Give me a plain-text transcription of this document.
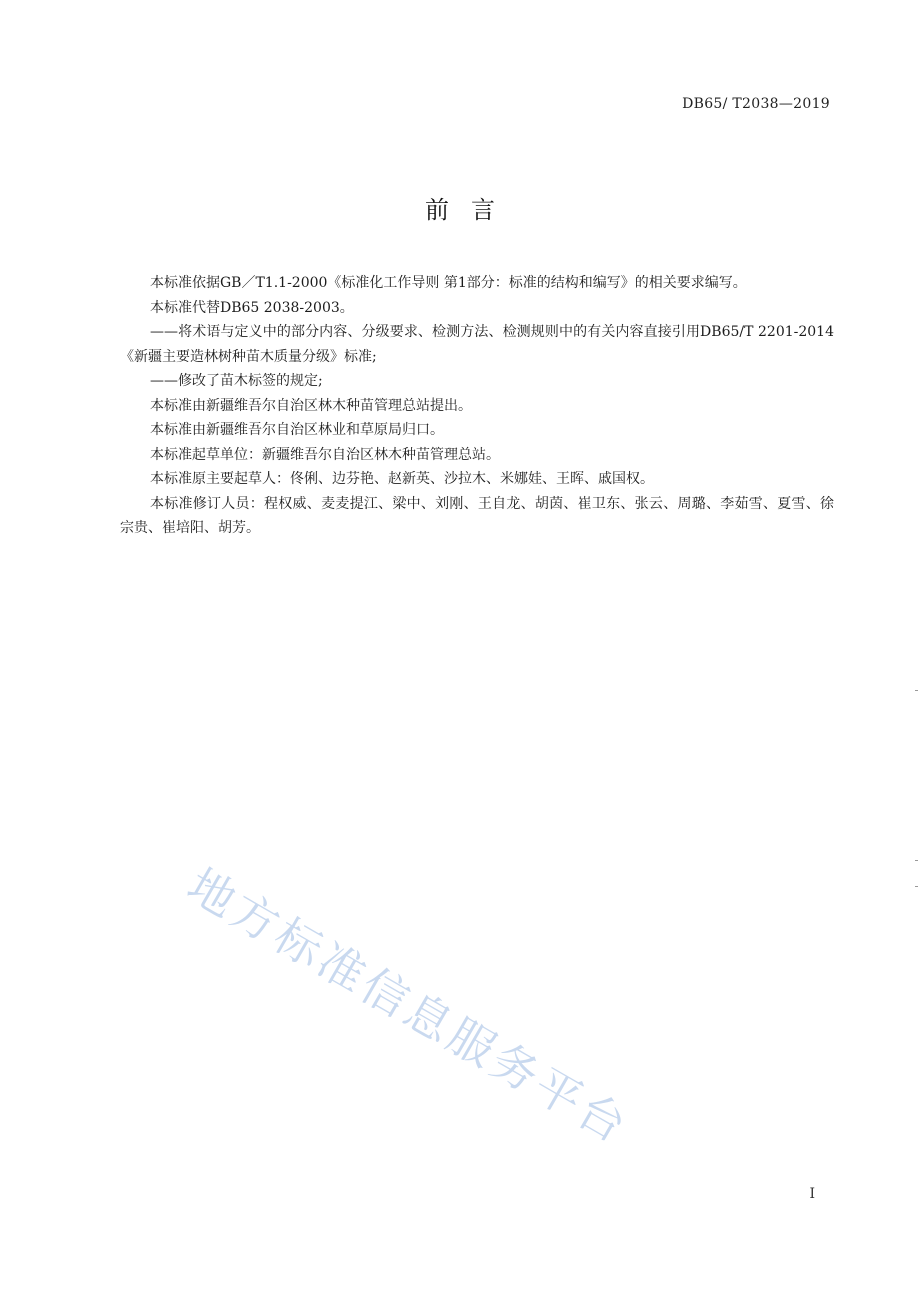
DB65/ T2038—2019
前言

本标准依据GB／T1.1-2000《标准化工作导则 第1部分：标准的结构和编写》的相关要求编写。

本标准代替DB65 2038-2003。

——将术语与定义中的部分内容、分级要求、检测方法、检测规则中的有关内容直接引用DB65/T 2201-2014《新疆主要造林树种苗木质量分级》标准;

——修改了苗木标签的规定;

本标准由新疆维吾尔自治区林木种苗管理总站提出。

本标准由新疆维吾尔自治区林业和草原局归口。

本标准起草单位：新疆维吾尔自治区林木种苗管理总站。

本标准原主要起草人：佟俐、边芬艳、赵新英、沙拉木、米娜娃、王晖、戚国权。

本标准修订人员：程权威、麦麦提江、梁中、刘刚、王自龙、胡茵、崔卫东、张云、周璐、李茹雪、夏雪、徐宗贵、崔培阳、胡芳。

地方标准信息服务平台
I
